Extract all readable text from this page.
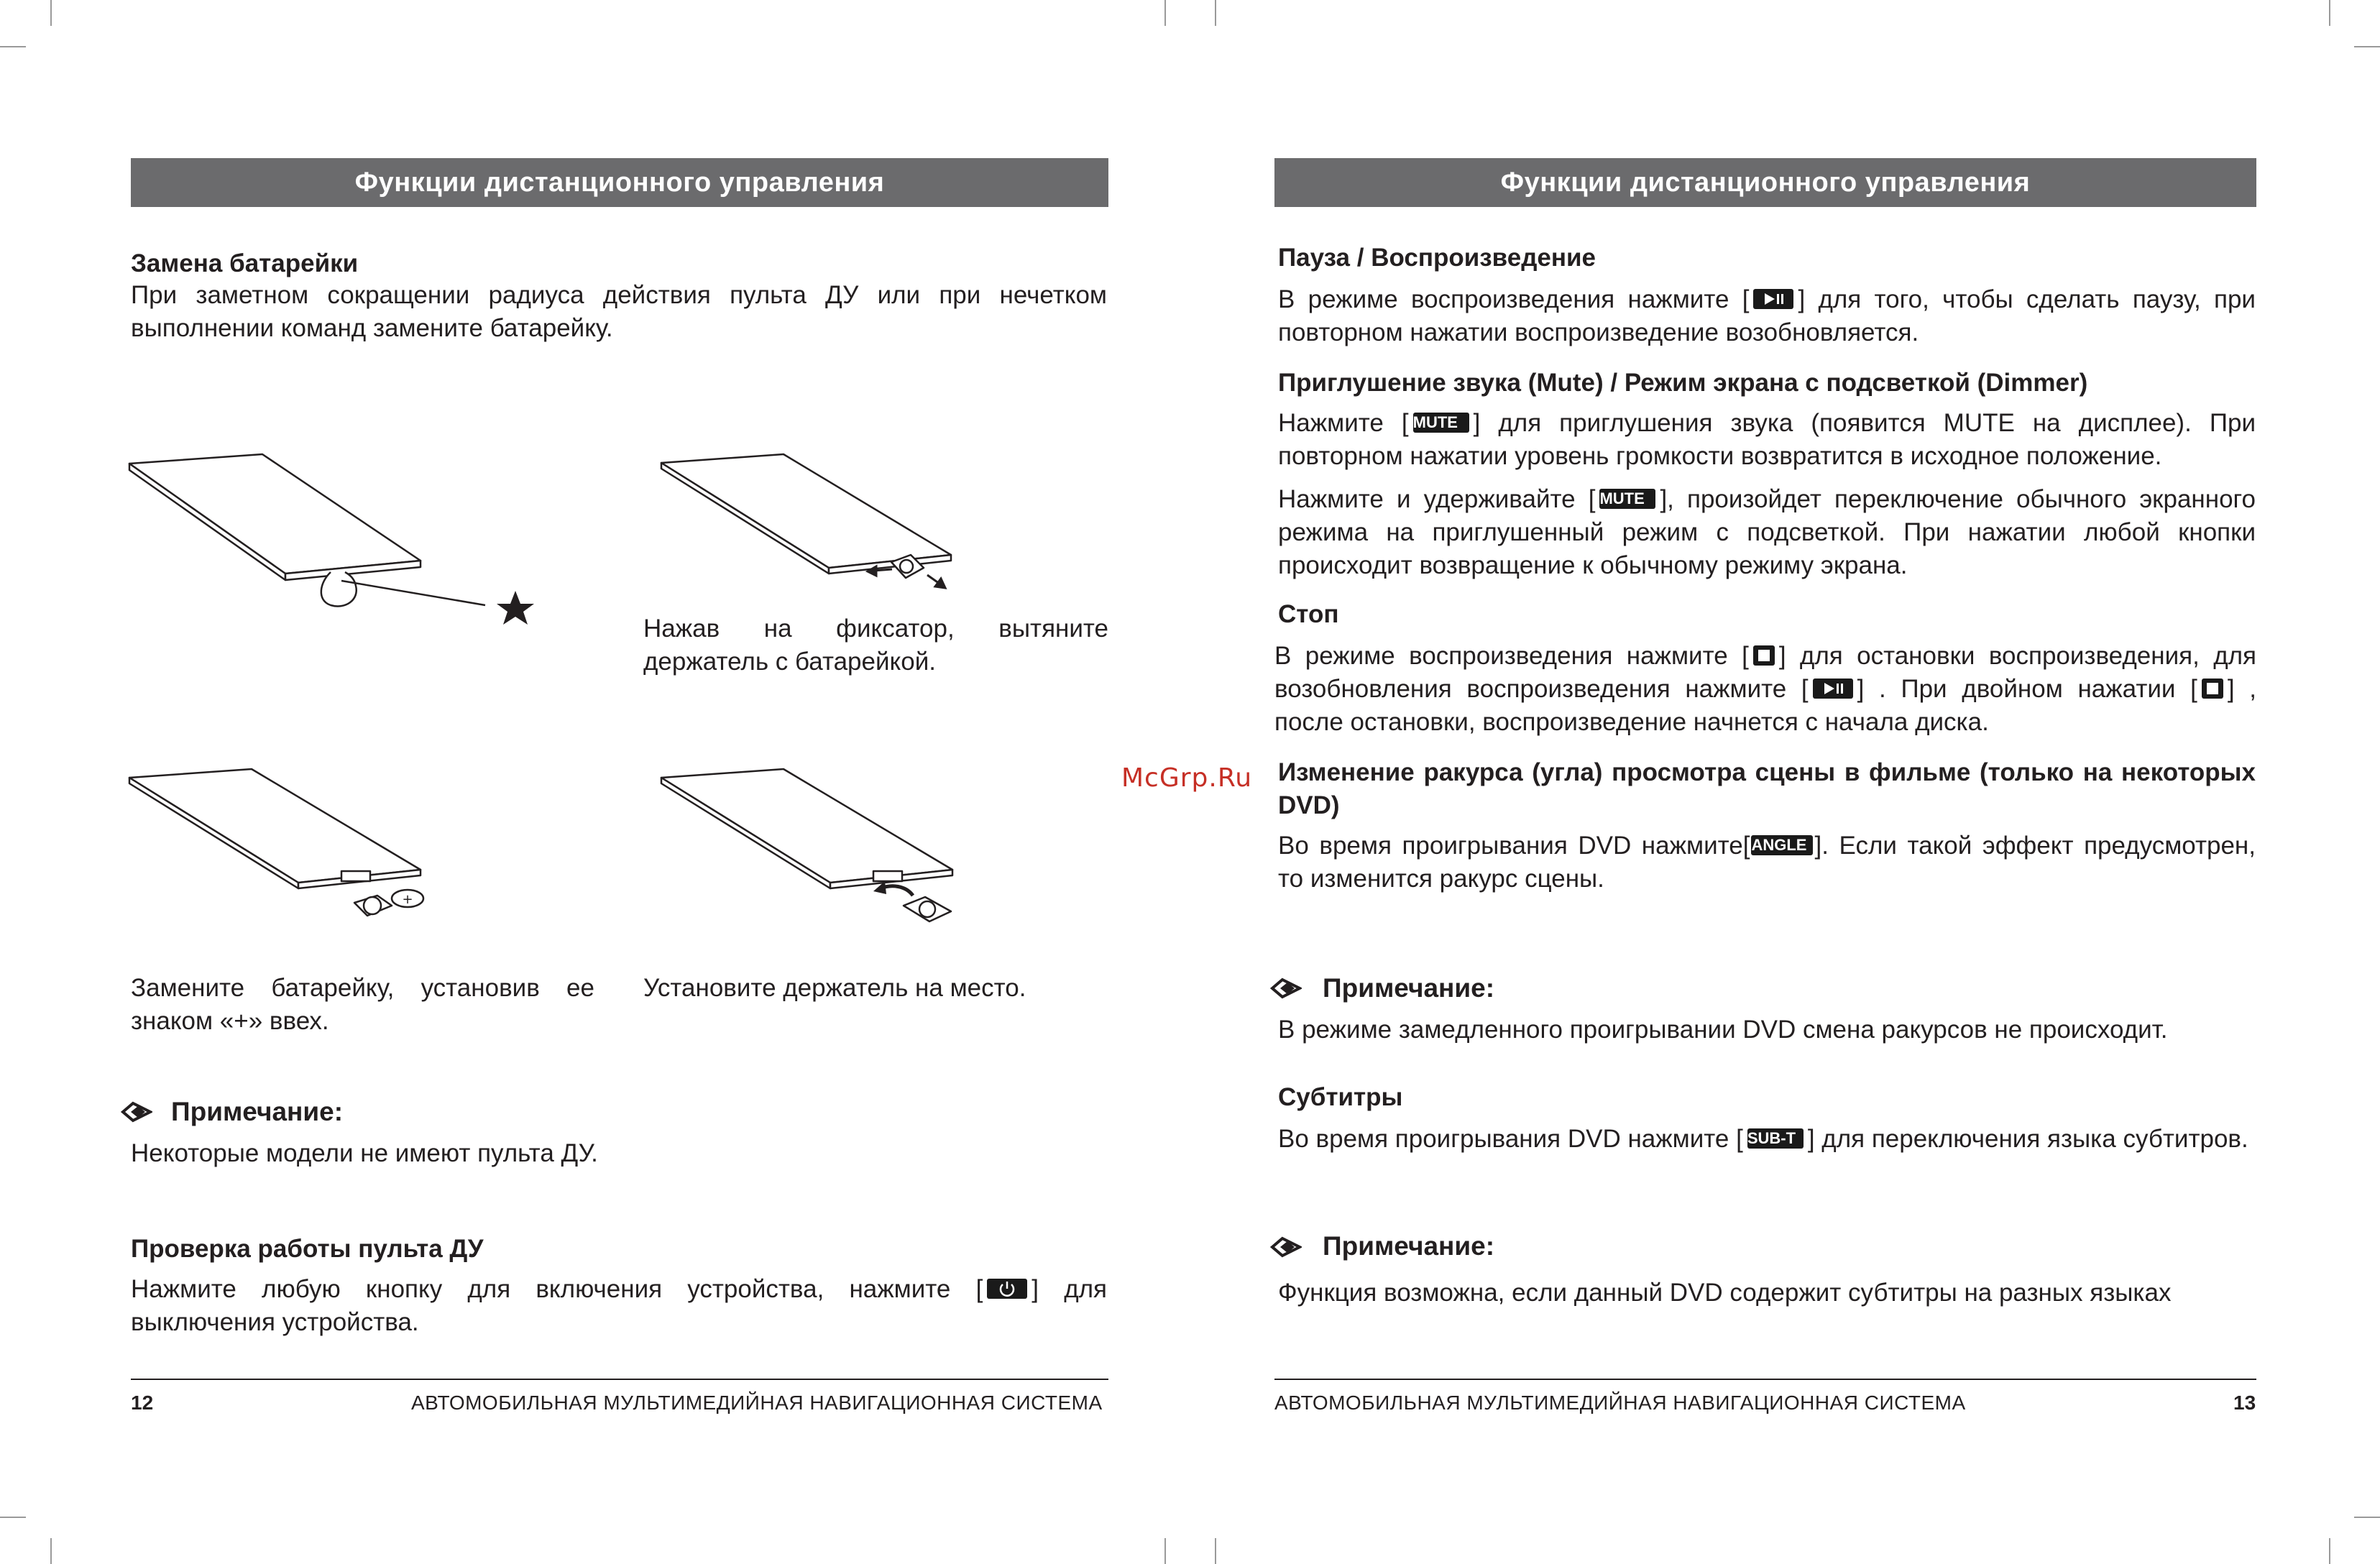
Функции дистанционного управления
Замена батарейки

При заметном сокращении радиуса действия пульта ДУ или при нечетком выполнении команд замените батарейку.

Нажав на фиксатор, вытяните держатель с батарейкой.

+

Замените батарейку, установив ее знаком «+» ввех.

Установите держатель на место.

Примечание:

Некоторые модели не имеют пульта ДУ.

Проверка работы пульта ДУ

Нажмите любую кнопку для включения устройства, нажмите [ ] для выключения устройства.

12	АВТОМОБИЛЬНАЯ МУЛЬТИМЕДИЙНАЯ НАВИГАЦИОННАЯ СИСТЕМА
Функции дистанционного управления
Пауза / Воспроизведение

В режиме воспроизведения нажмите [ ] для того, чтобы сделать паузу, при повторном нажатии воспроизведение возобновляется.

Приглушение звука (Mute) / Режим экрана с подсветкой (Dimmer)

Нажмите [ MUTE ] для приглушения звука (появится MUTE на дисплее). При повторном нажатии уровень громкости возвратится в исходное положение.

Нажмите и удерживайте [ MUTE ], произойдет переключение обычного экранного режима на приглушенный режим с подсветкой. При нажатии любой кнопки происходит возвращение к обычному режиму экрана.

Стоп

В режиме воспроизведения нажмите [ ] для остановки воспроизведения, для возобновления воспроизведения нажмите [ ] . При двойном нажатии [ ] , после остановки, воспроизведение начнется с начала диска.

Изменение ракурса (угла) просмотра сцены в фильме (только на некоторых DVD)

Во время проигрывания DVD нажмите[ANGLE ]. Если такой эффект предусмотрен, то изменится ракурс сцены.

Примечание:

В режиме замедленного проигрывании DVD смена ракурсов не происходит.

Субтитры

Во время проигрывания DVD нажмите [ SUB-T ] для переключения языка субтитров.

Примечание:

Функция возможна, если данный DVD содержит субтитры на разных языках

АВТОМОБИЛЬНАЯ МУЛЬТИМЕДИЙНАЯ НАВИГАЦИОННАЯ СИСТЕМА	13
McGrp.Ru
